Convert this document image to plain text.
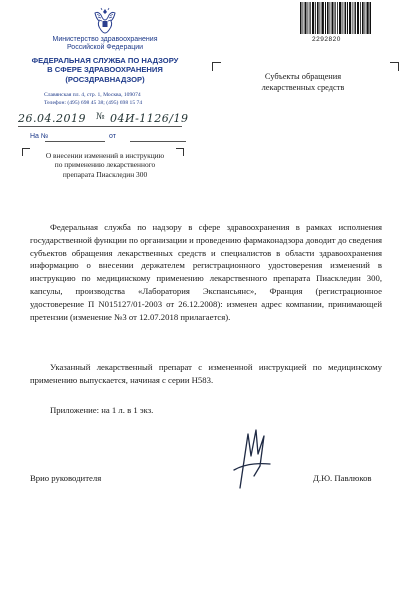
Министерство здравоохранения
Российской Федерации
ФЕДЕРАЛЬНАЯ СЛУЖБА ПО НАДЗОРУ
В СФЕРЕ ЗДРАВООХРАНЕНИЯ
(РОСЗДРАВНАДЗОР)
Славянская пл. 4, стр. 1, Москва, 109074
Телефон: (495) 698 45 38; (495) 698 15 74
2292820
Субъекты обращения
лекарственных средств
26.04.2019 № 04И-1126/19
На №	от
О внесении изменений в инструкцию
по применению лекарственного
препарата Пиаскледин 300
Федеральная служба по надзору в сфере здравоохранения в рамках исполнения государственной функции по организации и проведению фармаконадзора доводит до сведения субъектов обращения лекарственных средств и специалистов в области здравоохранения информацию о внесении держателем регистрационного удостоверения изменений в инструкцию по медицинскому применению лекарственного препарата Пиаскледин 300, капсулы, производства «Лаборатория Экспансьянс», Франция (регистрационное удостоверение П N015127/01-2003 от 26.12.2008): изменен адрес компании, принимающей претензии (изменение №3 от 12.07.2018 прилагается).
Указанный лекарственный препарат с измененной инструкцией по медицинскому применению выпускается, начиная с серии H583.
Приложение: на 1 л. в 1 экз.
Врио руководителя	Д.Ю. Павлюков
